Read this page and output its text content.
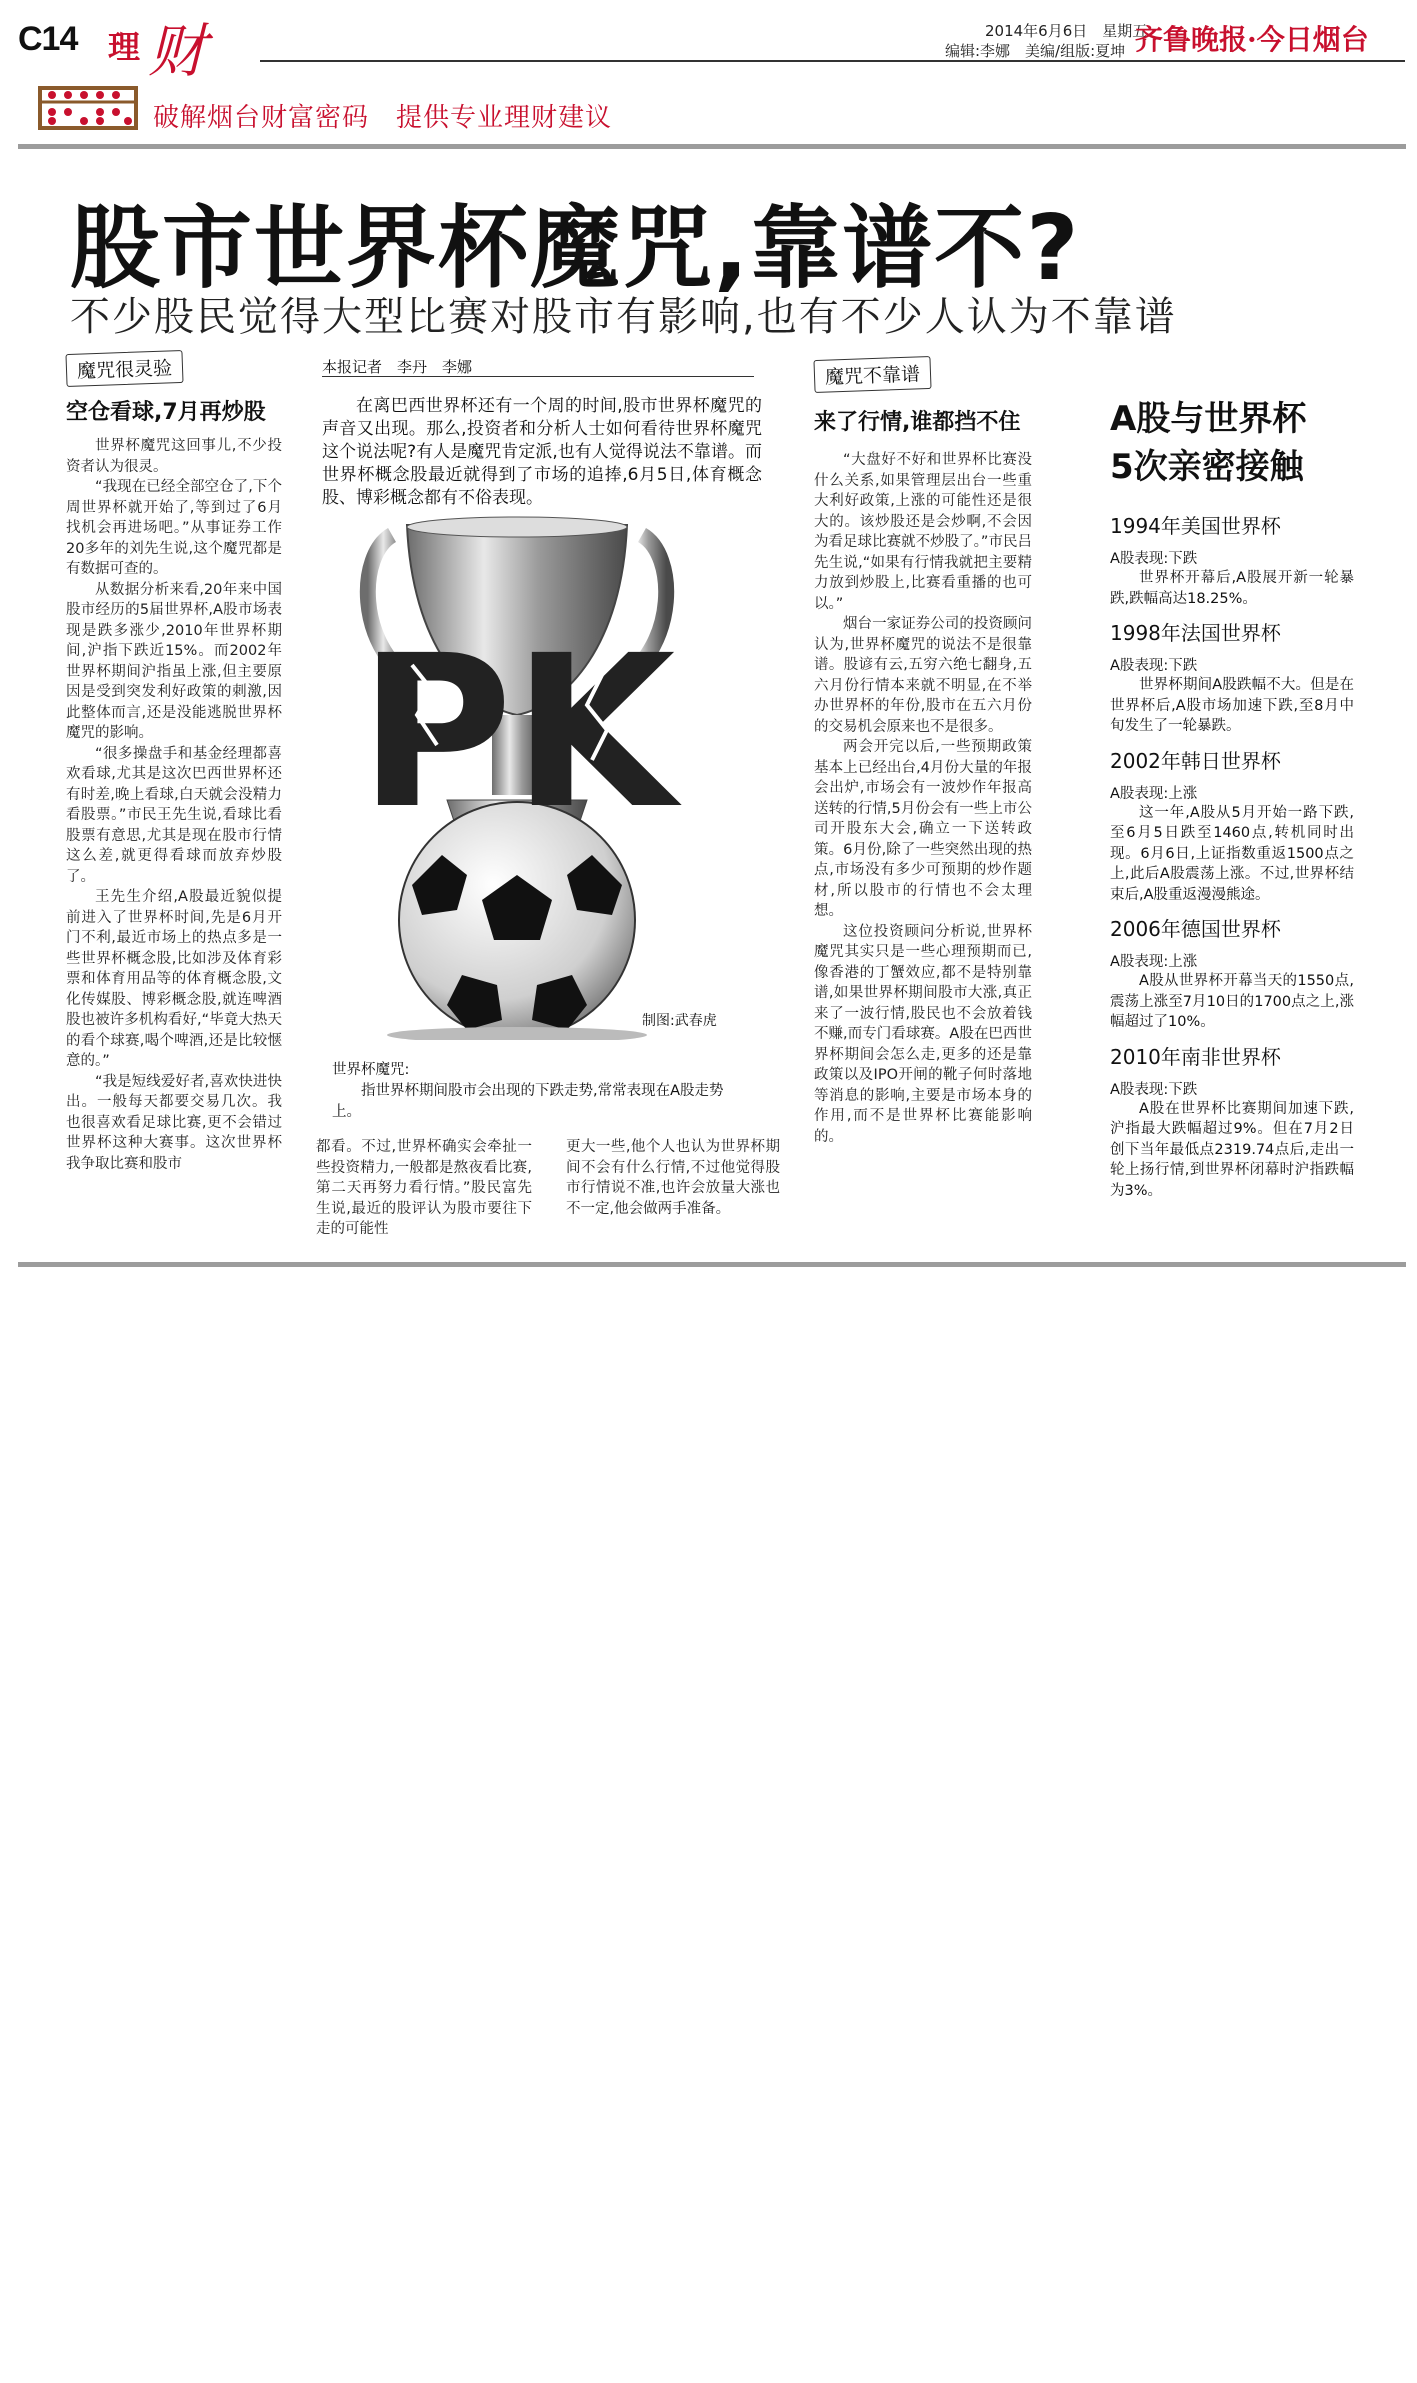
C14 理 财
破解烟台财富密码　提供专业理财建议
2014年6月6日　星期五
编辑:李娜　美编/组版:夏坤 齐鲁晚报·今日烟台
股市世界杯魔咒,靠谱不?
不少股民觉得大型比赛对股市有影响,也有不少人认为不靠谱
魔咒很灵验
空仓看球,7月再炒股

世界杯魔咒这回事儿,不少投资者认为很灵。

“我现在已经全部空仓了,下个周世界杯就开始了,等到过了6月找机会再进场吧。”从事证券工作20多年的刘先生说,这个魔咒都是有数据可查的。

从数据分析来看,20年来中国股市经历的5届世界杯,A股市场表现是跌多涨少,2010年世界杯期间,沪指下跌近15%。而2002年世界杯期间沪指虽上涨,但主要原因是受到突发利好政策的刺激,因此整体而言,还是没能逃脱世界杯魔咒的影响。

“很多操盘手和基金经理都喜欢看球,尤其是这次巴西世界杯还有时差,晚上看球,白天就会没精力看股票。”市民王先生说,看球比看股票有意思,尤其是现在股市行情这么差,就更得看球而放弃炒股了。

王先生介绍,A股最近貌似提前进入了世界杯时间,先是6月开门不利,最近市场上的热点多是一些世界杯概念股,比如涉及体育彩票和体育用品等的体育概念股,文化传媒股、博彩概念股,就连啤酒股也被许多机构看好,“毕竟大热天的看个球赛,喝个啤酒,还是比较惬意的。”

“我是短线爱好者,喜欢快进快出。一般每天都要交易几次。我也很喜欢看足球比赛,更不会错过世界杯这种大赛事。这次世界杯我争取比赛和股市

本报记者　李丹　李娜

在离巴西世界杯还有一个周的时间,股市世界杯魔咒的声音又出现。那么,投资者和分析人士如何看待世界杯魔咒这个说法呢?有人是魔咒肯定派,也有人觉得说法不靠谱。而世界杯概念股最近就得到了市场的追捧,6月5日,体育概念股、博彩概念都有不俗表现。

PK
制图:武春虎
世界杯魔咒:
指世界杯期间股市会出现的下跌走势,常常表现在A股走势上。
都看。不过,世界杯确实会牵扯一些投资精力,一般都是熬夜看比赛,第二天再努力看行情。”股民富先生说,最近的股评认为股市要往下走的可能性
更大一些,他个人也认为世界杯期间不会有什么行情,不过他觉得股市行情说不准,也许会放量大涨也不一定,他会做两手准备。
魔咒不靠谱
来了行情,谁都挡不住

“大盘好不好和世界杯比赛没什么关系,如果管理层出台一些重大利好政策,上涨的可能性还是很大的。该炒股还是会炒啊,不会因为看足球比赛就不炒股了。”市民吕先生说,“如果有行情我就把主要精力放到炒股上,比赛看重播的也可以。”

烟台一家证券公司的投资顾问认为,世界杯魔咒的说法不是很靠谱。股谚有云,五穷六绝七翻身,五六月份行情本来就不明显,在不举办世界杯的年份,股市在五六月份的交易机会原来也不是很多。

两会开完以后,一些预期政策基本上已经出台,4月份大量的年报会出炉,市场会有一波炒作年报高送转的行情,5月份会有一些上市公司开股东大会,确立一下送转政策。6月份,除了一些突然出现的热点,市场没有多少可预期的炒作题材,所以股市的行情也不会太理想。

这位投资顾问分析说,世界杯魔咒其实只是一些心理预期而已,像香港的丁蟹效应,都不是特别靠谱,如果世界杯期间股市大涨,真正来了一波行情,股民也不会放着钱不赚,而专门看球赛。A股在巴西世界杯期间会怎么走,更多的还是靠政策以及IPO开闸的靴子何时落地等消息的影响,主要是市场本身的作用,而不是世界杯比赛能影响的。

A股与世界杯
5次亲密接触
1994年美国世界杯
A股表现:下跌
世界杯开幕后,A股展开新一轮暴跌,跌幅高达18.25%。
1998年法国世界杯
A股表现:下跌
世界杯期间A股跌幅不大。但是在世界杯后,A股市场加速下跌,至8月中旬发生了一轮暴跌。
2002年韩日世界杯
A股表现:上涨
这一年,A股从5月开始一路下跌,至6月5日跌至1460点,转机同时出现。6月6日,上证指数重返1500点之上,此后A股震荡上涨。不过,世界杯结束后,A股重返漫漫熊途。
2006年德国世界杯
A股表现:上涨
A股从世界杯开幕当天的1550点,震荡上涨至7月10日的1700点之上,涨幅超过了10%。
2010年南非世界杯
A股表现:下跌
A股在世界杯比赛期间加速下跌,沪指最大跌幅超过9%。但在7月2日创下当年最低点2319.74点后,走出一轮上扬行情,到世界杯闭幕时沪指跌幅为3%。
